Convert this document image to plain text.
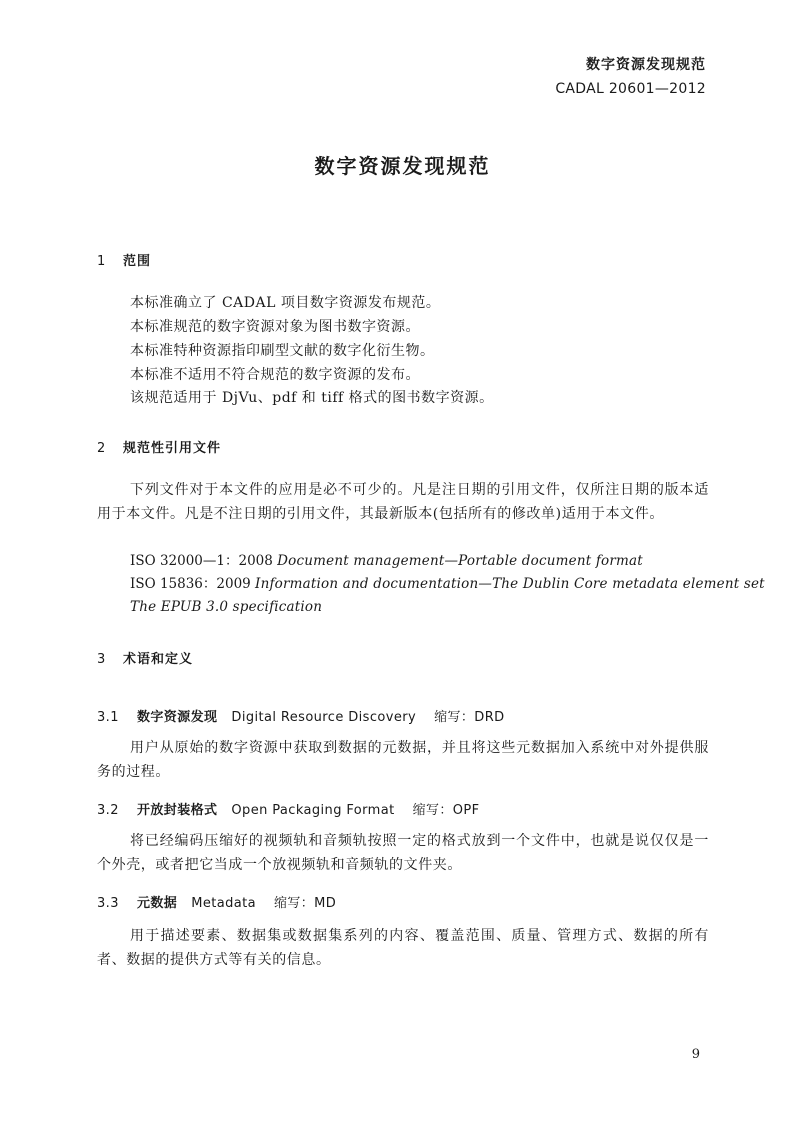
数字资源发现规范
CADAL 20601—2012
数字资源发现规范
1 范围
本标准确立了 CADAL 项目数字资源发布规范。
本标准规范的数字资源对象为图书数字资源。
本标准特种资源指印刷型文献的数字化衍生物。
本标准不适用不符合规范的数字资源的发布。
该规范适用于 DjVu、pdf 和 tiff 格式的图书数字资源。
2 规范性引用文件
下列文件对于本文件的应用是必不可少的。凡是注日期的引用文件，仅所注日期的版本适用于本文件。凡是不注日期的引用文件，其最新版本(包括所有的修改单)适用于本文件。
ISO 32000—1：2008 Document management—Portable document format
ISO 15836：2009 Information and documentation—The Dublin Core metadata element set
The EPUB 3.0 specification
3 术语和定义
3.1 数字资源发现 Digital Resource Discovery 缩写：DRD
用户从原始的数字资源中获取到数据的元数据，并且将这些元数据加入系统中对外提供服务的过程。
3.2 开放封装格式 Open Packaging Format 缩写：OPF
将已经编码压缩好的视频轨和音频轨按照一定的格式放到一个文件中，也就是说仅仅是一个外壳，或者把它当成一个放视频轨和音频轨的文件夹。
3.3 元数据 Metadata 缩写：MD
用于描述要素、数据集或数据集系列的内容、覆盖范围、质量、管理方式、数据的所有者、数据的提供方式等有关的信息。
9
